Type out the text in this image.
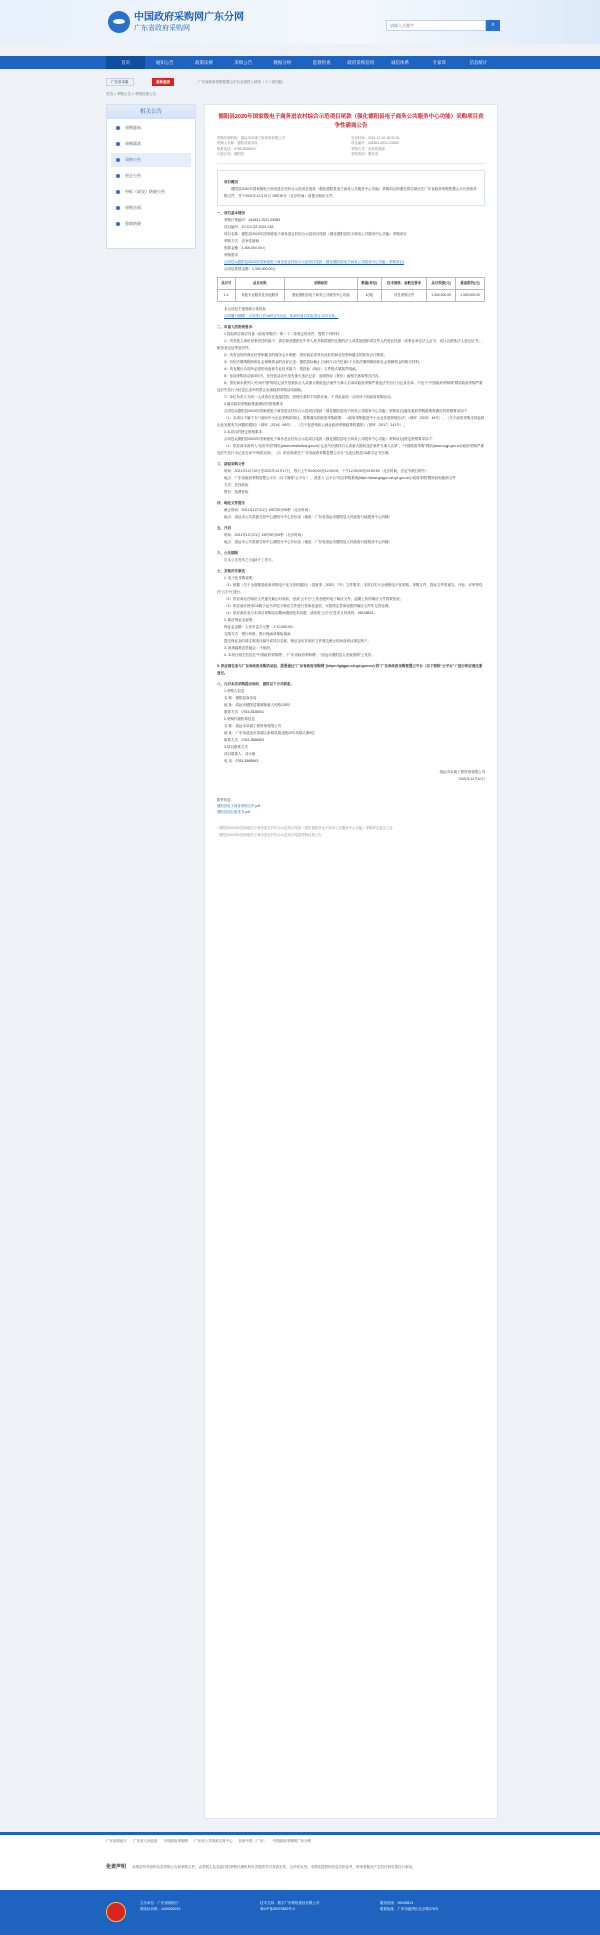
中国政府采购网广东分网
广东省政府采购网
请输入关键字
⌕
首页	通知公告	政策法规	采购公告	数据分析	监督检查	政府采购信用	诚信体系	专家库	信息统计
广东省本级	最新重磅	广东省政府采购智慧云平台全面投入使用（十二项功能）
首页 > 采购公告 > 采购结果公告
相关公告
采购意向
采购需求
采购公告
更正公告
中标（成交）结果公告
采购合同
验收结果
德阳县2020年国家级电子商务进农村综合示范项目尾款（强化德阳县电子商务公共服务中心功能）采购项目竞争性磋商公告
采购代理机构：清远市卓诚工程咨询有限公司	发布时间：2021-12-10 18:32:26
采购人名称：德阳县商务局	项目编号：441821-2021-03083
联系电话：0763-8328001	采购方式：竞争性磋商
行政区划：德阳县	采购类别：服务类
项目概况
德阳县2020年国家级电子商务进农村综合示范项目尾款（强化德阳县电子商务公共服务中心功能）采购项目的潜在供应商应在广东省政府采购智慧云平台获取采购文件，并于2021年12月21日 15时30分（北京时间）前提交响应文件。
一、项目基本情况
采购计划编号：441821-2021-03083
项目编号：ZY-CS-QT-2021-153
项目名称：德阳县2020年国家级电子商务进农村综合示范项目尾款（强化德阳县电子商务公共服务中心功能）采购项目
采购方式：竞争性磋商
预算金额：1,300,000.00元
采购需求：
合同包1(德阳县2020年国家级电子商务进农村综合示范项目尾款（强化德阳县电子商务公共服务中心功能）采购项目)
合同包预算金额：1,300,000.00元
品目号	品目名称	采购标的	数量(单位)	技术规格、参数及要求	品目预算(元)	最高限价(元)
1-1	其他专业服务及其他服务	强化德阳县电子商务公共服务中心功能	1(项)	详见采购文件	1,300,000.00	1,300,000.00
本合同包不接受联合体投标
合同履行期限：合同签订后180日内完成，具体时间以实际签订合同为准。
二、申请人的资格要求：
1.投标供应商应具备《政府采购法》第二十二条规定的条件，提供下列材料：
1）具有独立承担民事责任的能力：供应商须提供在中华人民共和国境内注册的法人或其他组织或自然人的营业执照（或事业单位法人证书，或社会团体法人登记证书）、税务登记证等复印件。
2）具有良好的商业信誉和健全的财务会计制度：供应商必须具有良好的商业信誉和健全的财务会计制度。
3）有依法缴纳税收和社会保障资金的良好记录：提供投标截止日前6个月内任意1个月依法缴纳税收和社会保障资金的相关材料。
4）具有履行合同所必需的设备和专业技术能力：按投标（响应）文件格式填报声明函。
5）参加采购活动前3年内，在经营活动中没有重大违法记录：参照投标（报价）函相关承诺格式内容。
6）供应商未被列入“信用中国”网站记录失信被执行人或重大税收违法案件当事人名单或政府采购严重违法失信行为记录名单；不处于“中国政府采购网”网站政府采购严重违法失信行为信息记录中的禁止参加政府采购活动期间。
7）单位负责人为同一人或者存在直接控股、管理关系的不同供应商，不得参加同一合同项下的政府采购活动。
2.落实政府采购政策需满足的资格要求：
合同包1(德阳县2020年国家级电子商务进农村综合示范项目尾款（强化德阳县电子商务公共服务中心功能）采购项目)落实政府采购政策需满足的资格要求如下：
（1）本项目不属于专门面向中小企业采购的项目。需要落实的政府采购政策：《政府采购促进中小企业发展管理办法》（财库〔2020〕46号）、《关于政府采购支持监狱企业发展有关问题的通知》（财库〔2014〕68号）、《关于促进残疾人就业政府采购政策的通知》（财库〔2017〕141号）。
3.本项目的特定资格要求：
合同包1(德阳县2020年国家级电子商务进农村综合示范项目尾款（强化德阳县电子商务公共服务中心功能）采购项目)特定资格要求如下：
（1）供应商未被列入“信用中国”网站(www.creditchina.gov.cn)“记录失信被执行人或重大税收违法案件当事人名单”、“中国政府采购”网站(www.ccgp.gov.cn)“政府采购严重违法失信行为记录名单”中的供应商；（2）供应商须在“广东省政府采购智慧云平台”完成注册及CA数字证书办理。
三、获取采购文件
时间：2021年12月10日至2021年12月17日，每天上午00:00:00至12:00:00，下午12:00:00至23:59:59（北京时间，法定节假日除外）
地点：广东省政府采购智慧云平台（以下简称“云平台”），请进入“云平台”项目采购系统(https://www.gdgpo.czt.gd.gov.cn/)“政府采购”模块获取磋商文件
方式：在线获取
售价：免费获取
四、响应文件提交
截止时间：2021年12月21日 15时30分00秒（北京时间）
地点：清远市公共资源交易中心德阳分中心开标室（地址：广东省清远市德阳县人民政府行政服务中心四楼）
五、开启
时间：2021年12月21日 15时30分00秒（北京时间）
地点：清远市公共资源交易中心德阳分中心开标室（地址：广东省清远市德阳县人民政府行政服务中心四楼）
六、公告期限
自本公告发布之日起5个工作日。
七、其他补充事宜
1. 电子化采购说明：
（1）根据《关于全面推进政府采购电子化交易的通知》（清财采〔2020〕7号）文件要求，本项目实行全流程电子化采购，采购文件、投标文件的递交、开标、评审等均在“云平台”进行。
（2）供应商应在响应文件递交截止时间前，登录“云平台”上传加密的电子响应文件，逾期上传的响应文件将被拒收。
（3）供应商应使用CA数字证书对电子响应文件进行签章及加密，未按规定签章加密的响应文件作无效处理。
（4）供应商在参与本项目采购活动期间遇到技术问题，请致电“云平台”技术支持热线：95105813。
2. 响应保证金说明：
保证金金额：人民币壹万元整（￥10,000.00）
交纳方式：银行转账、银行保函或保险保函
提交保证金时请注明项目编号或项目名称，保证金应在响应文件递交截止时间前到达指定账户。
3. 现场踏勘及答疑会：不组织。
4. 本项目相关信息在“中国政府采购网”、“广东省政府采购网”、“清远市德阳县人民政府网”上发布。
5. 供应商在参与广东省政府采购活动前，需要通过“广东省政府采购网”(https://gdgpo.czt.gd.gov.cn/) 的“广东省政府采购智慧云平台（以下简称“云平台”）”进行供应商注册登记。
八、凡对本次采购提出询问，请按以下方式联系。
1.采购人信息
名 称：德阳县商务局
地 址：清远市德阳县德城街道人民路128号
联系方式：0763-8328001
2.采购代理机构信息
名 称：清远市卓诚工程咨询有限公司
地 址：广东省清远市清城区新城凤翔北路23号凤翔大厦9层
联系方式：0763-3568963
3.项目联系方式
项目联系人：邓小姐
电 话：0763-3568963
清远市卓诚工程咨询有限公司
2021年12月10日
附件信息：
德阳县电子商务采购文件.pdf
德阳县项目需求书.pdf
· 德阳县2020年国家级电子商务进农村综合示范项目尾款（强化德阳县电子商务公共服务中心功能）采购项目更正公告
· 德阳县2020年国家级电子商务进农村综合示范项目尾款采购结果公告
广东省财政厅 广东省人民政府 中国政府采购网 广东省公共资源交易中心 信用中国（广东） 中国政府采购网广东分网
免责声明 本网站所刊登的各类采购公告和采购文件，由采购人及其委托的采购代理机构负责提供并对其真实性、合法性负责。本网站提供的信息仅供参考，使用者据此产生的任何后果自行承担。
主办单位：广东省财政厅
网站标识码：4400000012
技术支持：数字广东网络建设有限公司
粤ICP备05070829号-2
服务热线：95105813
联系地址：广州市越秀区北京路376号
